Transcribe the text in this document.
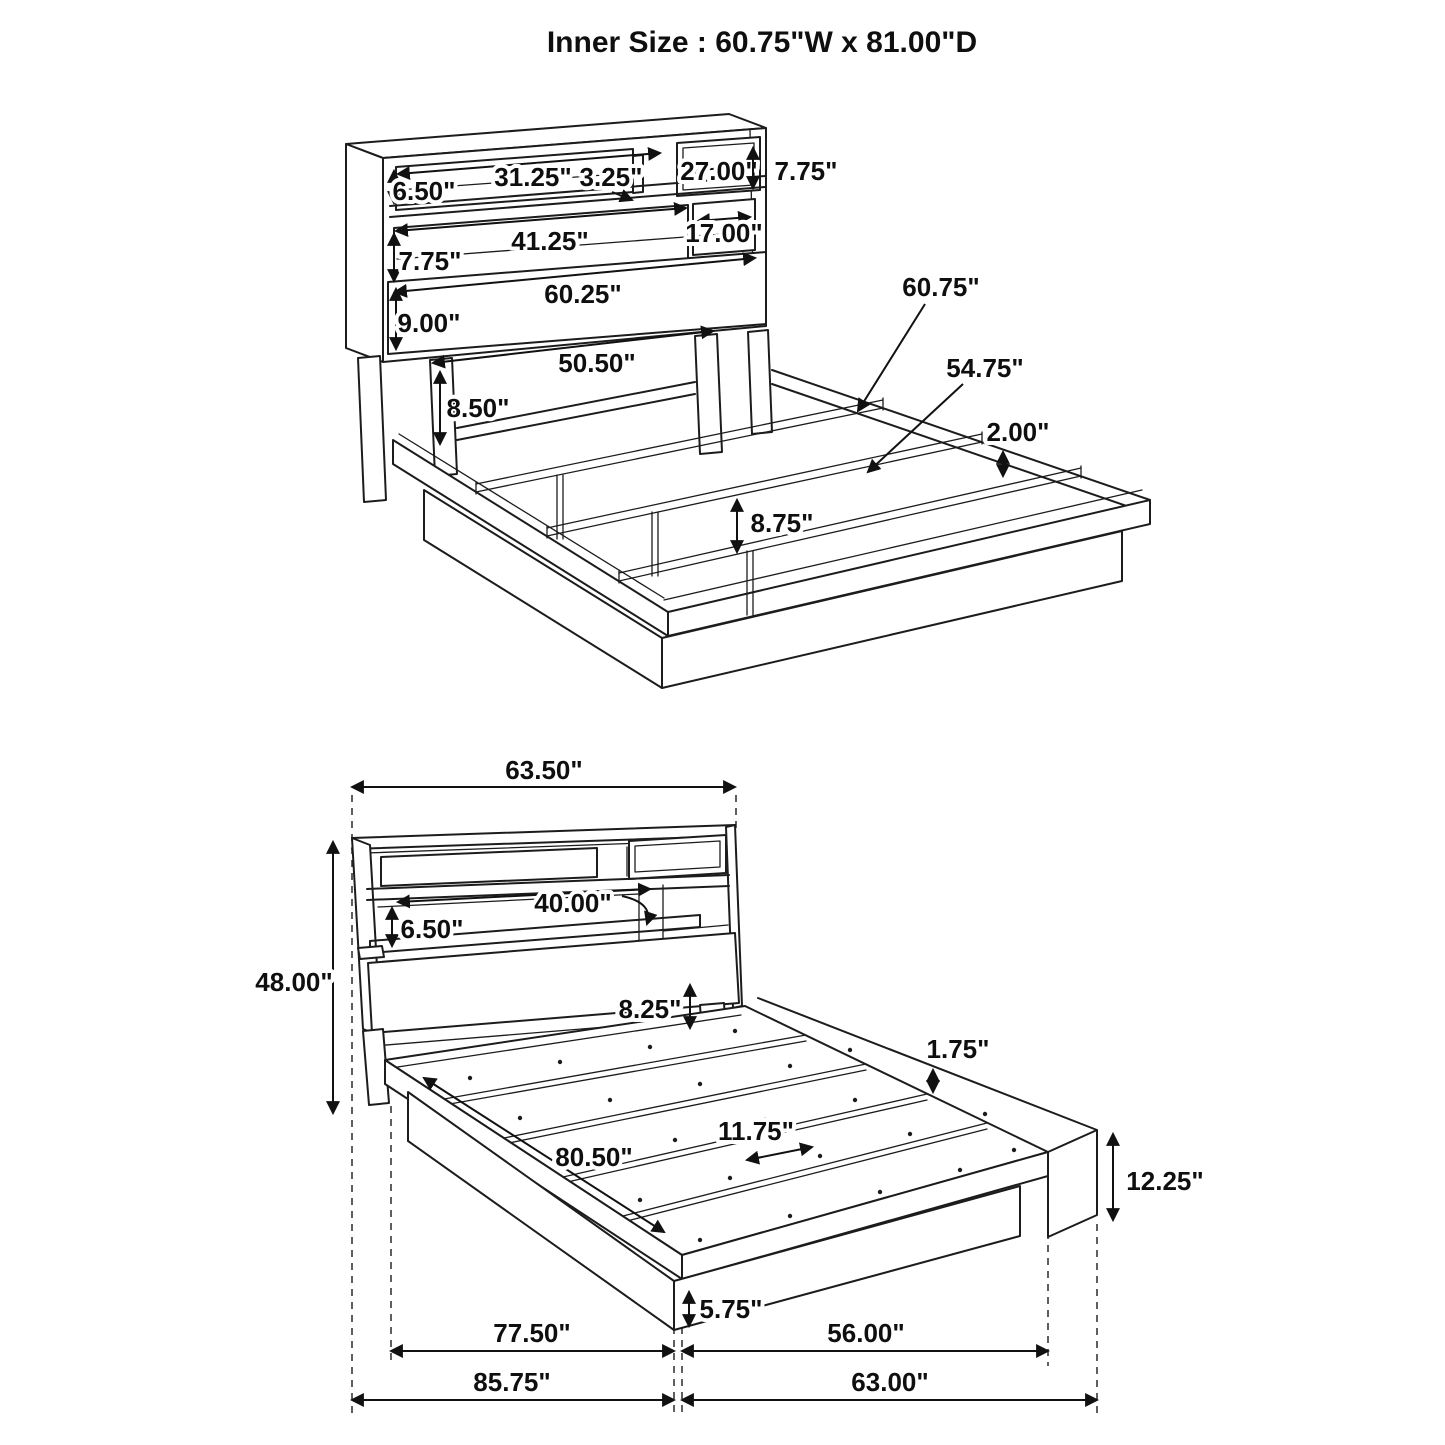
Inner Size : 60.75"W x 81.00"D
6.50" 31.25" 3.25" 27.00" 7.75"
41.25"
7.75"
17.00"
60.25"
9.00"
50.50"
8.50"
60.75"
54.75"
2.00"
8.75"
63.50"
48.00"
6.50"
40.00"
8.25"
1.75"
80.50"
11.75"
12.25"
5.75"
77.50"	56.00"
85.75"	63.00"
